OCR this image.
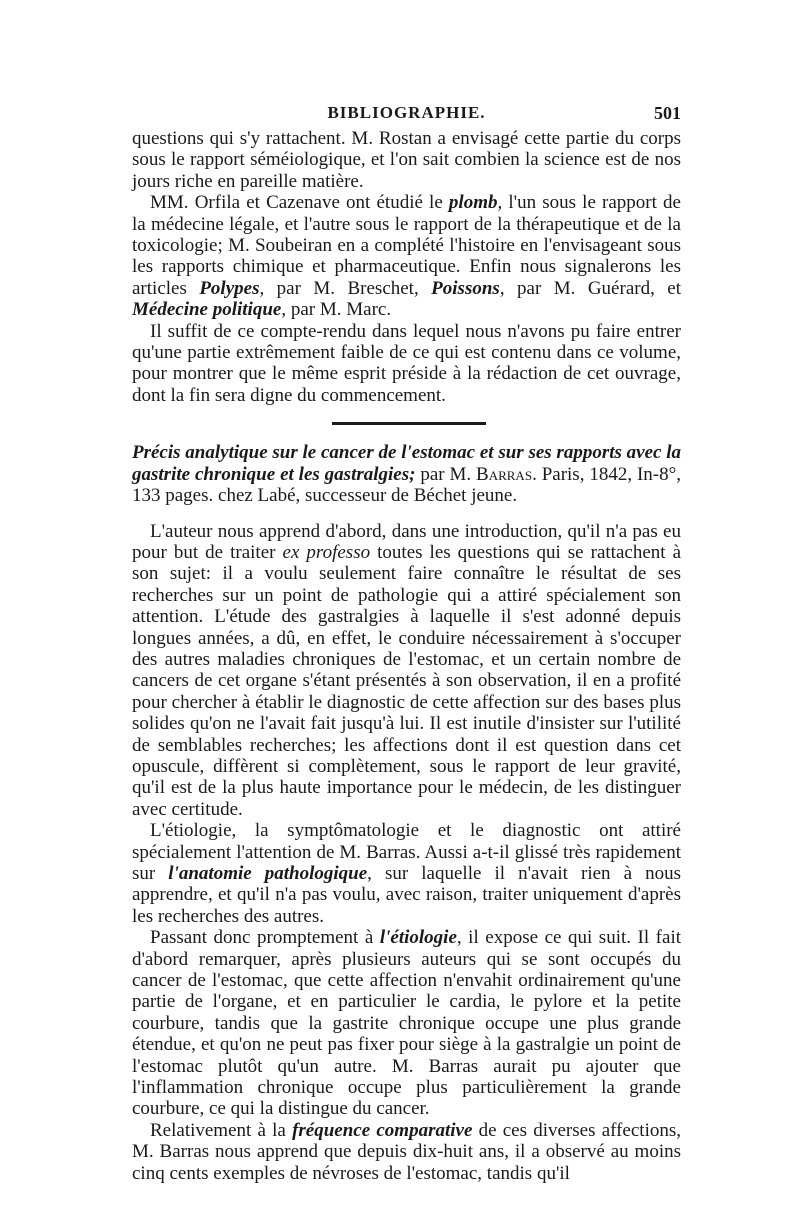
BIBLIOGRAPHIE.	501

questions qui s'y rattachent. M. Rostan a envisagé cette partie du corps sous le rapport séméiologique, et l'on sait combien la science est de nos jours riche en pareille matière.

MM. Orfila et Cazenave ont étudié le plomb, l'un sous le rapport de la médecine légale, et l'autre sous le rapport de la thérapeutique et de la toxicologie; M. Soubeiran en a complété l'histoire en l'envisageant sous les rapports chimique et pharmaceutique. Enfin nous signalerons les articles Polypes, par M. Breschet, Poissons, par M. Guérard, et Médecine politique, par M. Marc.

Il suffit de ce compte-rendu dans lequel nous n'avons pu faire entrer qu'une partie extrêmement faible de ce qui est contenu dans ce volume, pour montrer que le même esprit préside à la rédaction de cet ouvrage, dont la fin sera digne du commencement.

Précis analytique sur le cancer de l'estomac et sur ses rapports avec la gastrite chronique et les gastralgies; par M. Barras. Paris, 1842, In-8°, 133 pages. chez Labé, successeur de Béchet jeune.

L'auteur nous apprend d'abord, dans une introduction, qu'il n'a pas eu pour but de traiter ex professo toutes les questions qui se rattachent à son sujet: il a voulu seulement faire connaître le résultat de ses recherches sur un point de pathologie qui a attiré spécialement son attention. L'étude des gastralgies à laquelle il s'est adonné depuis longues années, a dû, en effet, le conduire nécessairement à s'occuper des autres maladies chroniques de l'estomac, et un certain nombre de cancers de cet organe s'étant présentés à son observation, il en a profité pour chercher à établir le diagnostic de cette affection sur des bases plus solides qu'on ne l'avait fait jusqu'à lui. Il est inutile d'insister sur l'utilité de semblables recherches; les affections dont il est question dans cet opuscule, diffèrent si complètement, sous le rapport de leur gravité, qu'il est de la plus haute importance pour le médecin, de les distinguer avec certitude.

L'étiologie, la symptômatologie et le diagnostic ont attiré spécialement l'attention de M. Barras. Aussi a-t-il glissé très rapidement sur l'anatomie pathologique, sur laquelle il n'avait rien à nous apprendre, et qu'il n'a pas voulu, avec raison, traiter uniquement d'après les recherches des autres.

Passant donc promptement à l'étiologie, il expose ce qui suit. Il fait d'abord remarquer, après plusieurs auteurs qui se sont occupés du cancer de l'estomac, que cette affection n'envahit ordinairement qu'une partie de l'organe, et en particulier le cardia, le pylore et la petite courbure, tandis que la gastrite chronique occupe une plus grande étendue, et qu'on ne peut pas fixer pour siège à la gastralgie un point de l'estomac plutôt qu'un autre. M. Barras aurait pu ajouter que l'inflammation chronique occupe plus particulièrement la grande courbure, ce qui la distingue du cancer.

Relativement à la fréquence comparative de ces diverses affections, M. Barras nous apprend que depuis dix-huit ans, il a observé au moins cinq cents exemples de névroses de l'estomac, tandis qu'il
